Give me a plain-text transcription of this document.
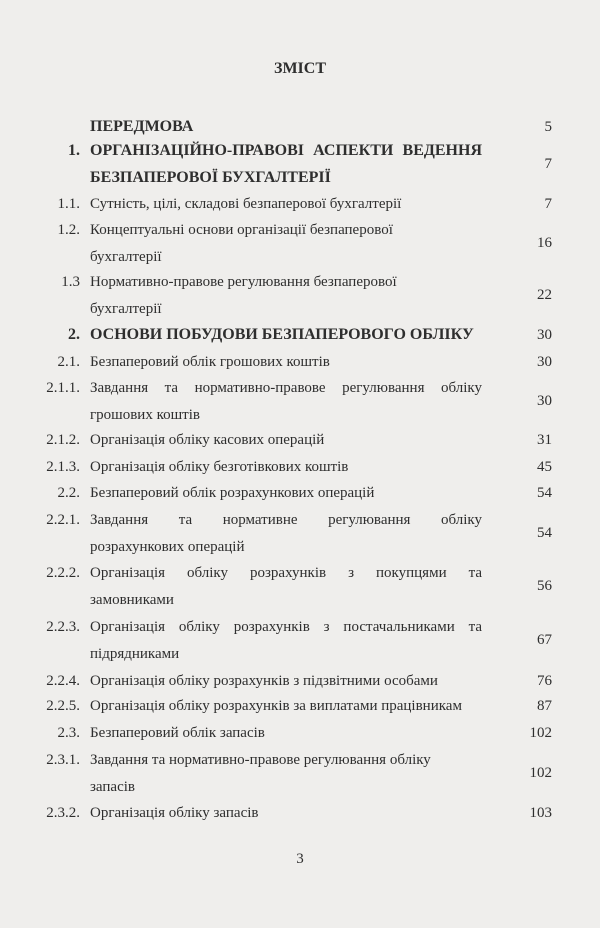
ЗМІСТ
ПЕРЕДМОВА	5
1. ОРГАНІЗАЦІЙНО-ПРАВОВІ АСПЕКТИ ВЕДЕННЯ
БЕЗПАПЕРОВОЇ БУХГАЛТЕРІЇ
7
1.1. Сутність, цілі, складові безпаперової бухгалтерії	7
1.2. Концептуальні основи організації безпаперової
бухгалтерії
16
1.3 Нормативно-правове регулювання безпаперової
бухгалтерії
22
2. ОСНОВИ ПОБУДОВИ БЕЗПАПЕРОВОГО ОБЛІКУ	30
2.1. Безпаперовий облік грошових коштів	30
2.1.1. Завдання та нормативно-правове регулювання обліку
грошових коштів
30
2.1.2. Організація обліку касових операцій	31
2.1.3. Організація обліку безготівкових коштів	45
2.2. Безпаперовий облік розрахункових операцій	54
2.2.1. Завдання та нормативне регулювання обліку
розрахункових операцій
54
2.2.2. Організація обліку розрахунків з покупцями та
замовниками
56
2.2.3. Організація обліку розрахунків з постачальниками та
підрядниками
67
2.2.4. Організація обліку розрахунків з підзвітними особами	76
2.2.5. Організація обліку розрахунків за виплатами працівникам	87
2.3. Безпаперовий облік запасів	102
2.3.1. Завдання та нормативно-правове регулювання обліку
запасів
102
2.3.2. Організація обліку запасів	103
3
